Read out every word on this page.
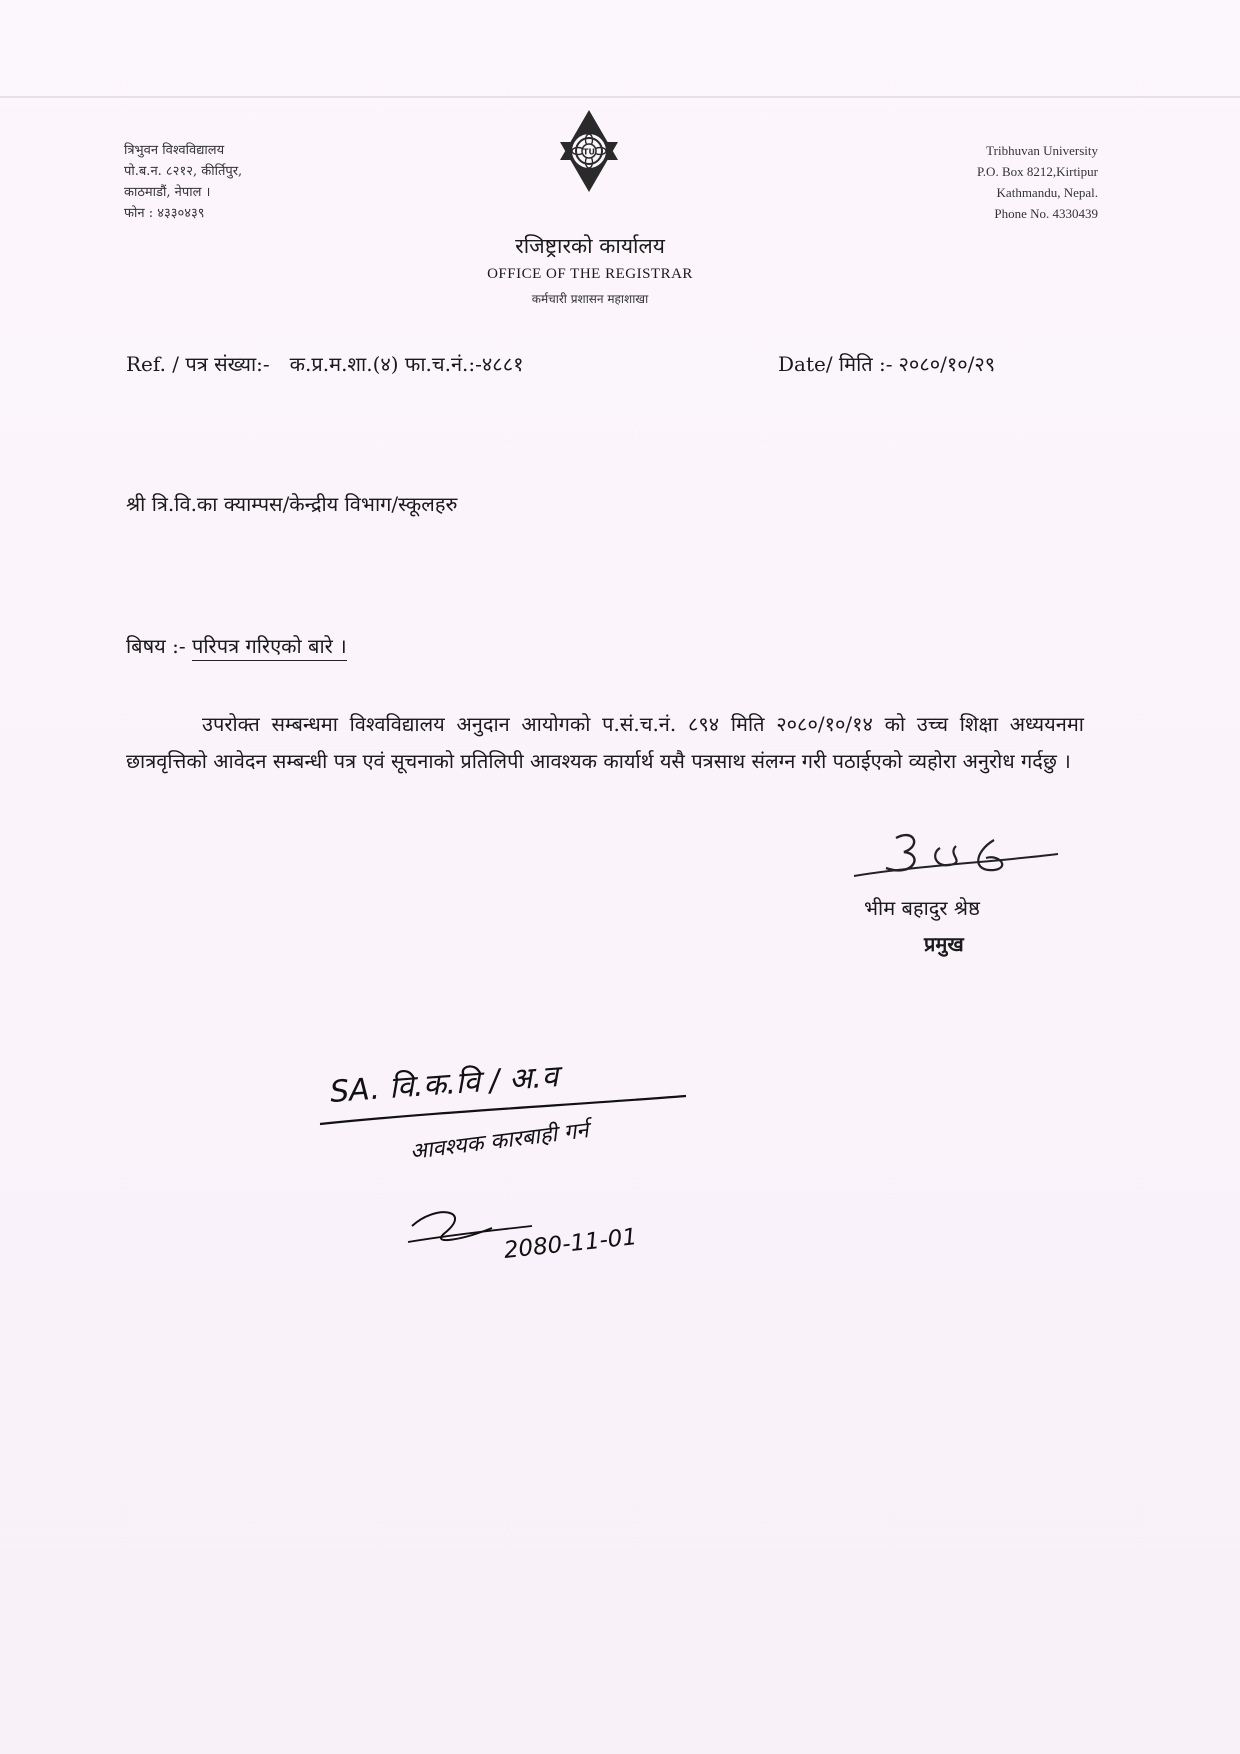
त्रिभुवन विश्वविद्यालय
पो.ब.न. ८२१२, कीर्तिपुर,
काठमाडौं, नेपाल ।
फोन : ४३३०४३९
TU	Tribhuvan University
P.O. Box 8212,Kirtipur
Kathmandu, Nepal.
Phone No. 4330439
रजिष्ट्रारको कार्यालय
OFFICE OF THE REGISTRAR
कर्मचारी प्रशासन महाशाखा
Ref. / पत्र संख्या:- क.प्र.म.शा.(४) फा.च.नं.:-४८८१	Date/ मिति :- २०८०/१०/२९
श्री त्रि.वि.का क्याम्पस/केन्द्रीय विभाग/स्कूलहरु
बिषय :- परिपत्र गरिएको बारे ।
उपरोक्त सम्बन्धमा विश्वविद्यालय अनुदान आयोगको प.सं.च.नं. ८९४ मिति २०८०/१०/१४ को उच्च शिक्षा अध्ययनमा छात्रवृत्तिको आवेदन सम्बन्धी पत्र एवं सूचनाको प्रतिलिपी आवश्यक कार्यार्थ यसै पत्रसाथ संलग्न गरी पठाईएको व्यहोरा अनुरोध गर्दछु ।
भीम बहादुर श्रेष्ठ
प्रमुख
SA. वि.क.वि / अ.व
आवश्यक कारबाही गर्न
2080-11-01
